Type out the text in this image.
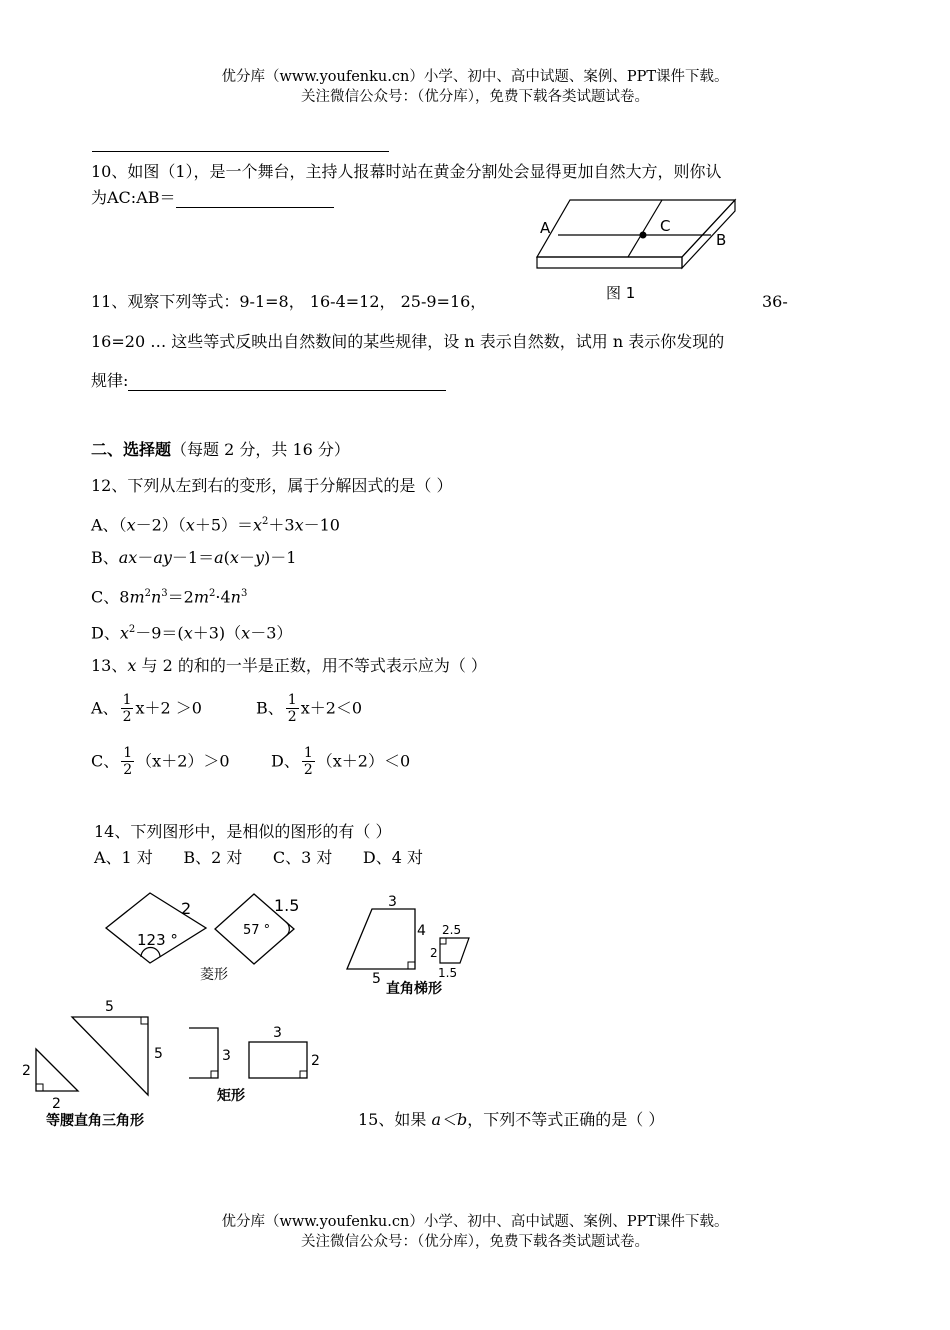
优分库（www.youfenku.cn）小学、初中、高中试题、案例、PPT课件下载。
关注微信公众号：（优分库），免费下载各类试题试卷。
10、如图（1），是一个舞台，主持人报幕时站在黄金分割处会显得更加自然大方，则你认
为AC:AB＝
A
B
C
图 1
11、观察下列等式：9-1=8， 16-4=12， 25-9=16，	36-
16=20 … 这些等式反映出自然数间的某些规律，设 n 表示自然数，试用 n 表示你发现的
规律:
二、选择题（每题 2 分，共 16 分）
12、下列从左到右的变形，属于分解因式的是（ ）
A、$(x-2)(x+5)=x^2+3x-10$
B、ax－ay－1＝a(x－y)－1
C、$8m^2n^3=2m^2\cdot 4n^3$
D、$x^2-9=(x+3)(x-3)$
13、x 与 2 的和的一半是正数，用不等式表示应为（ ）
A、 $\frac{1}{2} x+2 >0$	B、 $\frac{1}{2} x+2<0$
C、 $\frac{1}{2} (x+2)>0$	D、 $\frac{1}{2} (x+2)<0$
14、下列图形中，是相似的图形的有（ ）
A、1 对      B、2 对      C、3 对      D、4 对
2
123 °
1.5
57 °
菱形
3
4
5
2.5
2
1.5
直角梯形
2
2
5
5
等腰直角三角形
3
3
2
矩形
15、如果 a＜b，下列不等式正确的是（ ）
优分库（www.youfenku.cn）小学、初中、高中试题、案例、PPT课件下载。
关注微信公众号：（优分库），免费下载各类试题试卷。
